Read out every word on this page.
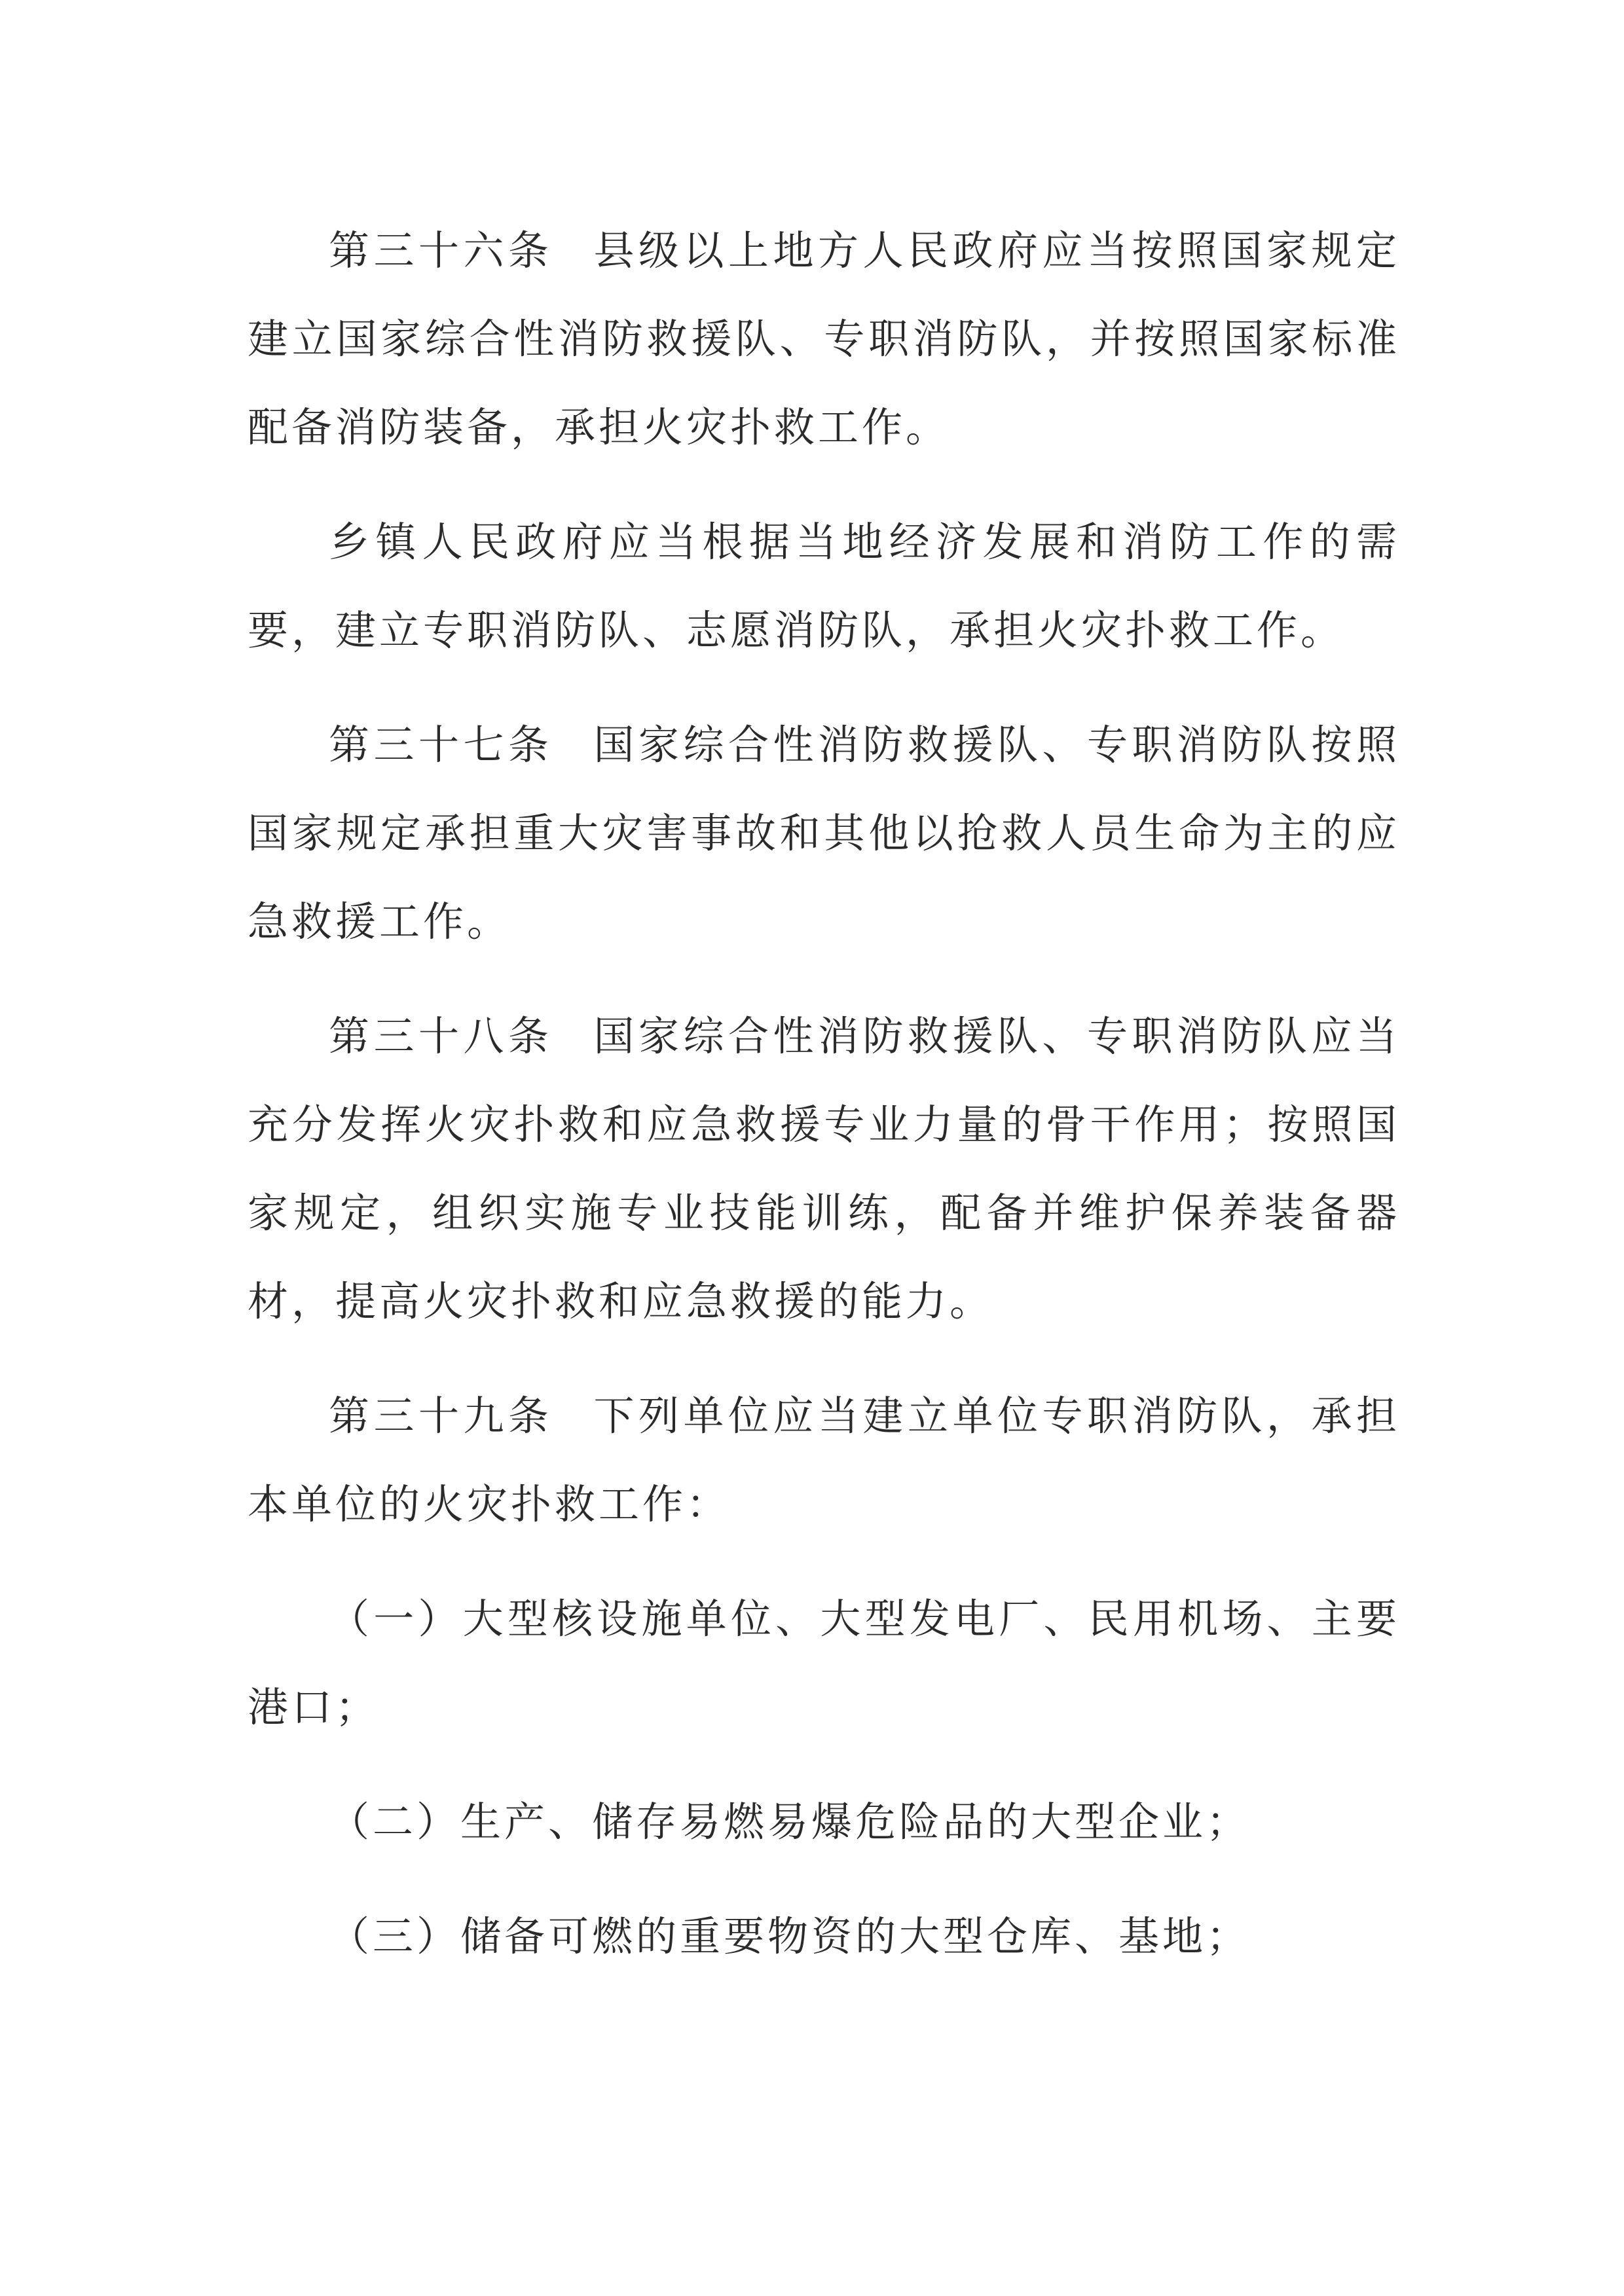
第三十六条 县级以上地方人民政府应当按照国家规定建立国家综合性消防救援队、专职消防队，并按照国家标准配备消防装备，承担火灾扑救工作。

乡镇人民政府应当根据当地经济发展和消防工作的需要，建立专职消防队、志愿消防队，承担火灾扑救工作。

第三十七条 国家综合性消防救援队、专职消防队按照国家规定承担重大灾害事故和其他以抢救人员生命为主的应急救援工作。

第三十八条 国家综合性消防救援队、专职消防队应当充分发挥火灾扑救和应急救援专业力量的骨干作用；按照国家规定，组织实施专业技能训练，配备并维护保养装备器材，提高火灾扑救和应急救援的能力。

第三十九条 下列单位应当建立单位专职消防队，承担本单位的火灾扑救工作：

（一）大型核设施单位、大型发电厂、民用机场、主要港口；

（二）生产、储存易燃易爆危险品的大型企业；

（三）储备可燃的重要物资的大型仓库、基地；
